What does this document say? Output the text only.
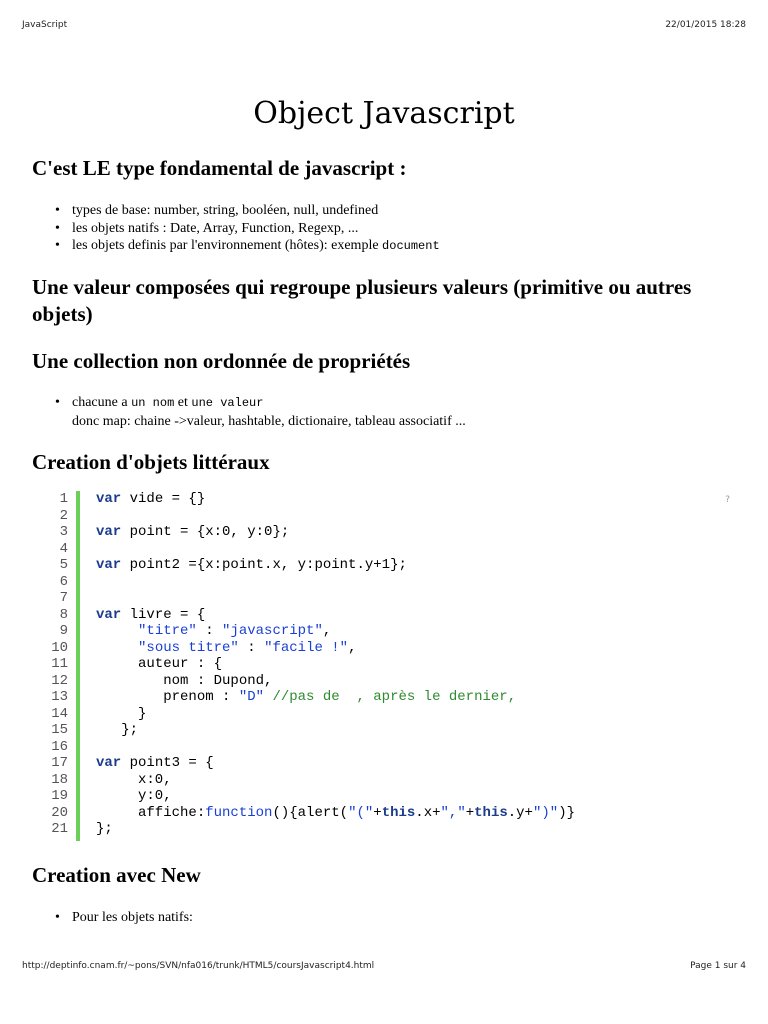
JavaScript	22/01/2015 18:28
Object Javascript
C'est LE type fondamental de javascript :
• types de base: number, string, booléen, null, undefined
• les objets natifs : Date, Array, Function, Regexp, ...
• les objets definis par l'environnement (hôtes): exemple document
Une valeur composées qui regroupe plusieurs valeurs (primitive ou autres objets)
Une collection non ordonnée de propriétés
• chacune a un nom et une valeur
donc map: chaine ->valeur, hashtable, dictionaire, tableau associatif ...
Creation d'objets littéraux
1
2
3
4
5
6
7
8
9
10
11
12
13
14
15
16
17
18
19
20
21
var vide = {}

var point = {x:0, y:0};

var point2 ={x:point.x, y:point.y+1};

var livre = {
"titre" : "javascript",
"sous titre" : "facile !",
auteur : {
nom : Dupond,
prenom : "D" //pas de  , après le dernier,
}
};

var point3 = {
x:0,
y:0,
affiche:function(){alert("("+this.x+","+this.y+")")}
};
?
Creation avec New
• Pour les objets natifs:
http://deptinfo.cnam.fr/~pons/SVN/nfa016/trunk/HTML5/coursJavascript4.html	Page 1 sur 4
